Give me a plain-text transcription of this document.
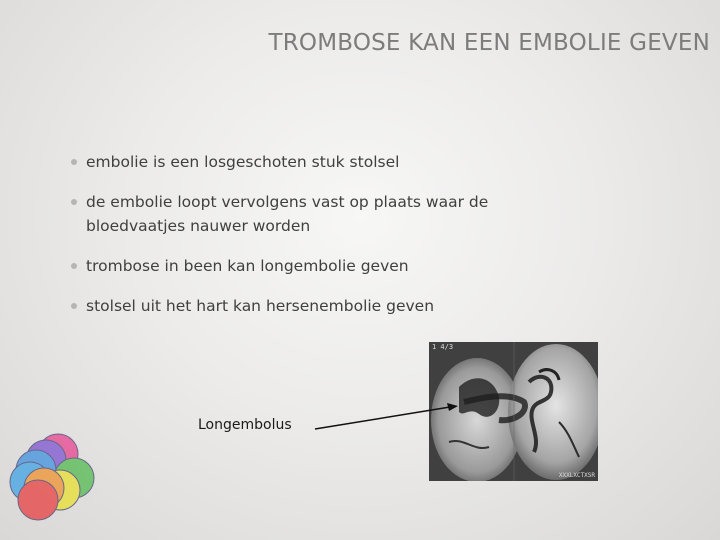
TROMBOSE KAN EEN EMBOLIE GEVEN
embolie is een losgeschoten stuk stolsel
de embolie loopt vervolgens vast op plaats waar de bloedvaatjes nauwer worden
trombose in been kan longembolie geven
stolsel uit het hart kan hersenembolie geven
1 4/3
XXXLXCTXSR
Longembolus
